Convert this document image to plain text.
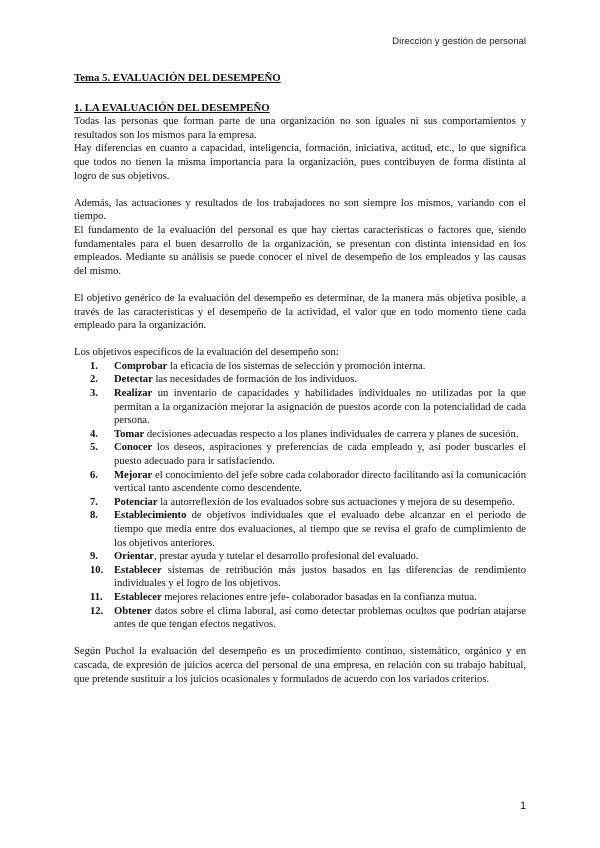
Dirección y gestión de personal
Tema 5. EVALUACIÓN DEL DESEMPEÑO
1. LA EVALUACIÓN DEL DESEMPEÑO

Todas las personas que forman parte de una organización no son iguales ni sus comportamientos y resultados son los mismos para la empresa.

Hay diferencias en cuanto a capacidad, inteligencia, formación, iniciativa, actitud, etc., lo que significa que todos no tienen la misma importancia para la organización, pues contribuyen de forma distinta al logro de sus objetivos.

Además, las actuaciones y resultados de los trabajadores no son siempre los mismos, variando con el tiempo.

El fundamento de la evaluación del personal es que hay ciertas características o factores que, siendo fundamentales para el buen desarrollo de la organización, se presentan con distinta intensidad en los empleados. Mediante su análisis se puede conocer el nivel de desempeño de los empleados y las causas del mismo.

El objetivo genérico de la evaluación del desempeño es determinar, de la manera más objetiva posible, a través de las características y el desempeño de la actividad, el valor que en todo momento tiene cada empleado para la organización.

Los objetivos específicos de la evaluación del desempeño son:

1.	Comprobar la eficacia de los sistemas de selección y promoción interna.
2.	Detectar las necesidades de formación de los individuos.
3.	Realizar un inventario de capacidades y habilidades individuales no utilizadas por la que permitan a la organización mejorar la asignación de puestos acorde con la potencialidad de cada persona.
4.	Tomar decisiones adecuadas respecto a los planes individuales de carrera y planes de sucesión.
5.	Conocer los deseos, aspiraciones y preferencias de cada empleado y, así poder buscarles el puesto adecuado para ir satisfaciendo.
6.	Mejorar el conocimiento del jefe sobre cada colaborador directo facilitando así la comunicación vertical tanto ascendente como descendente.
7.	Potenciar la autorreflexión de los evaluados sobre sus actuaciones y mejora de su desempeño.
8.	Establecimiento de objetivos individuales que el evaluado debe alcanzar en el periodo de tiempo que media entre dos evaluaciones, al tiempo que se revisa el grafo de cumplimiento de los objetivos anteriores.
9.	Orientar, prestar ayuda y tutelar el desarrollo profesional del evaluado.
10.	Establecer sistemas de retribución más justos basados en las diferencias de rendimiento individuales y el logro de los objetivos.
11.	Establecer mejores relaciones entre jefe- colaborador basadas en la confianza mutua.
12.	Obtener datos sobre el clima laboral, así como detectar problemas ocultos que podrían atajarse antes de que tengan efectos negativos.

Según Puchol la evaluación del desempeño es un procedimiento continuo, sistemático, orgánico y en cascada, de expresión de juicios acerca del personal de una empresa, en relación con su trabajo habitual, que pretende sustituir a los juicios ocasionales y formulados de acuerdo con los variados criterios.

1
